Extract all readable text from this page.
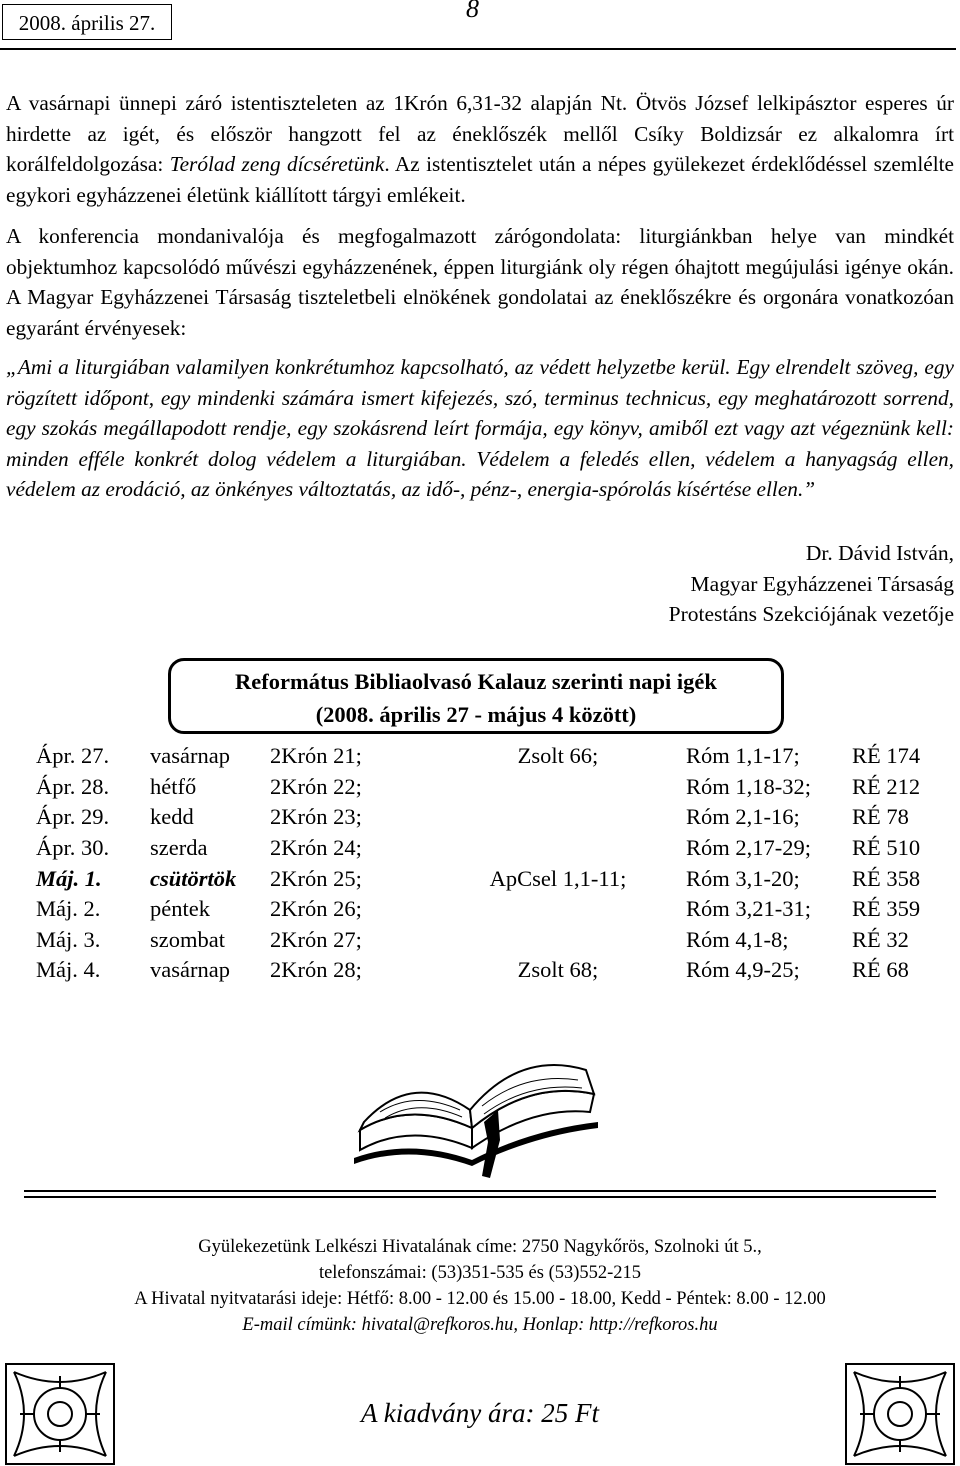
2008. április 27.	8
A vasárnapi ünnepi záró istentiszteleten az 1Krón 6,31-32 alapján Nt. Ötvös József lelkipásztor esperes úr hirdette az igét, és először hangzott fel az éneklőszék mellől Csíky Boldizsár ez alkalomra írt korálfeldolgozása: Terólad zeng dícséretünk. Az istentisztelet után a népes gyülekezet érdeklődéssel szemlélte egykori egyházzenei életünk kiállított tárgyi emlékeit.
A konferencia mondanivalója és megfogalmazott zárógondolata: liturgiánkban helye van mindkét objektumhoz kapcsolódó művészi egyházzenének, éppen liturgiánk oly régen óhajtott megújulási igénye okán. A Magyar Egyházzenei Társaság tiszteletbeli elnökének gondolatai az éneklőszékre és orgonára vonatkozóan egyaránt érvényesek:
„Ami a liturgiában valamilyen konkrétumhoz kapcsolható, az védett helyzetbe kerül. Egy elrendelt szöveg, egy rögzített időpont, egy mindenki számára ismert kifejezés, szó, terminus technicus, egy meghatározott sorrend, egy szokás megállapodott rendje, egy szokásrend leírt formája, egy könyv, amiből ezt vagy azt végeznünk kell: minden efféle konkrét dolog védelem a liturgiában. Védelem a feledés ellen, védelem a hanyagság ellen, védelem az erodáció, az önkényes változtatás, az idő-, pénz-, energia-spórolás kísértése ellen.”
Dr. Dávid István,
Magyar Egyházzenei Társaság
Protestáns Szekciójának vezetője
Református Bibliaolvasó Kalauz szerinti napi igék
(2008. április 27 - május 4 között)
Ápr. 27.	vasárnap	2Krón 21;	Zsolt 66;	Róm 1,1-17;	RÉ 174
Ápr. 28.	hétfő	2Krón 22;		Róm 1,18-32;	RÉ 212
Ápr. 29.	kedd	2Krón 23;		Róm 2,1-16;	RÉ 78
Ápr. 30.	szerda	2Krón 24;		Róm 2,17-29;	RÉ 510
Máj. 1.	csütörtök	2Krón 25;	ApCsel 1,1-11;	Róm 3,1-20;	RÉ 358
Máj. 2.	péntek	2Krón 26;		Róm 3,21-31;	RÉ 359
Máj. 3.	szombat	2Krón 27;		Róm 4,1-8;	RÉ 32
Máj. 4.	vasárnap	2Krón 28;	Zsolt 68;	Róm 4,9-25;	RÉ 68
Gyülekezetünk Lelkészi Hivatalának címe: 2750 Nagykőrös, Szolnoki út 5.,
telefonszámai: (53)351-535 és (53)552-215
A Hivatal nyitvatarási ideje: Hétfő: 8.00 - 12.00 és 15.00 - 18.00, Kedd - Péntek: 8.00 - 12.00
E-mail címünk: hivatal@refkoros.hu, Honlap: http://refkoros.hu
A kiadvány ára: 25 Ft
